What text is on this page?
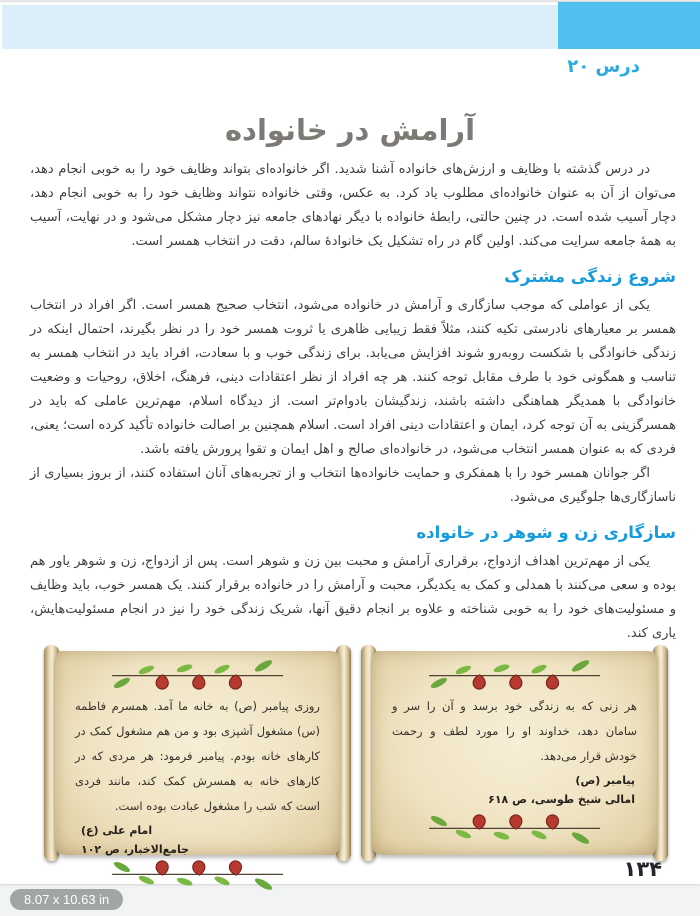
درس ۲۰
آرامش در خانواده

در درس گذشته با وظایف و ارزش‌های خانواده آشنا شدید. اگر خانواده‌ای بتواند وظایف خود را به خوبی انجام دهد، می‌توان از آن به عنوان خانواده‌ای مطلوب یاد کرد. به عکس، وقتی خانواده نتواند وظایف خود را به خوبی انجام دهد، دچار آسیب شده است. در چنین حالتی، رابطهٔ خانواده با دیگر نهادهای جامعه نیز دچار مشکل می‌شود و در نهایت، آسیب به همهٔ جامعه سرایت می‌کند. اولین گام در راه تشکیل یک خانوادهٔ سالم، دقت در انتخاب همسر است.

شروع زندگی مشترک

یکی از عواملی که موجب سازگاری و آرامش در خانواده می‌شود، انتخاب صحیح همسر است. اگر افراد در انتخاب همسر بر معیارهای نادرستی تکیه کنند، مثلاً فقط زیبایی ظاهری یا ثروت همسر خود را در نظر بگیرند، احتمال اینکه در زندگی خانوادگی با شکست روبه‌رو شوند افزایش می‌یابد. برای زندگی خوب و با سعادت، افراد باید در انتخاب همسر به تناسب و همگونی خود با طرف مقابل توجه کنند. هر چه افراد از نظر اعتقادات دینی، فرهنگ، اخلاق، روحیات و وضعیت خانوادگی با همدیگر هماهنگی داشته باشند، زندگیشان بادوام‌تر است. از دیدگاه اسلام، مهم‌ترین عاملی که باید در همسرگزینی به آن توجه کرد، ایمان و اعتقادات دینی افراد است. اسلام همچنین بر اصالت خانواده تأکید کرده است؛ یعنی، فردی که به عنوان همسر انتخاب می‌شود، در خانواده‌ای صالح و اهل ایمان و تقوا پرورش یافته باشد.

اگر جوانان همسر خود را با همفکری و حمایت خانواده‌ها انتخاب و از تجربه‌های آنان استفاده کنند، از بروز بسیاری از ناسازگاری‌ها جلوگیری می‌شود.

سازگاری زن و شوهر در خانواده

یکی از مهم‌ترین اهداف ازدواج، برقراری آرامش و محبت بین زن و شوهر است. پس از ازدواج، زن و شوهر یاور هم بوده و سعی می‌کنند با همدلی و کمک به یکدیگر، محبت و آرامش را در خانواده برقرار کنند. یک همسر خوب، باید وظایف و مسئولیت‌های خود را به خوبی شناخته و علاوه بر انجام دقیق آنها، شریک زندگی خود را نیز در انجام مسئولیت‌هایش، یاری کند.

روزی پیامبر (ص) به خانه ما آمد. همسرم فاطمه (س) مشغول آشپزی بود و من هم مشغول کمک در کارهای خانه بودم. پیامبر فرمود: هر مردی که در کارهای خانه به همسرش کمک کند، مانند فردی است که شب را مشغول عبادت بوده است.

امام علی (ع)
جامع‌الاخبار، ص ۱۰۲

هر زنی که به زندگی خود برسد و آن را سر و سامان دهد، خداوند او را مورد لطف و رحمت خودش قرار می‌دهد.

پیامبر (ص)
امالی شیخ طوسی، ص ۶۱۸
۱۳۴
8.07 x 10.63 in
